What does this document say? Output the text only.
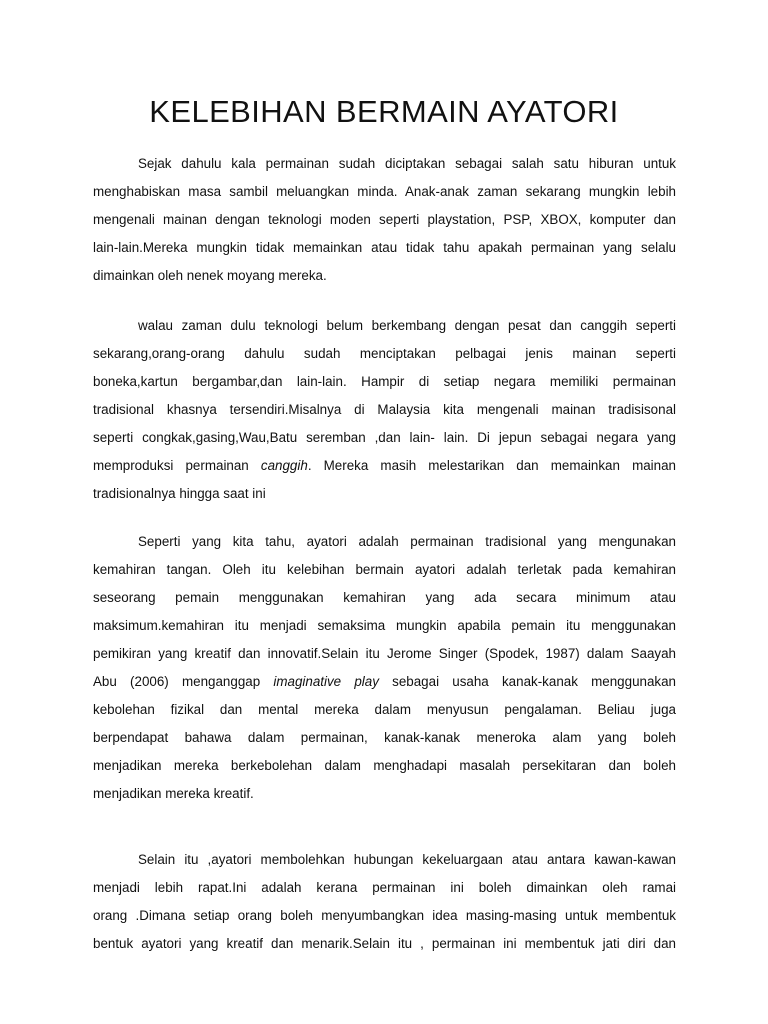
KELEBIHAN BERMAIN AYATORI
Sejak dahulu kala permainan sudah diciptakan sebagai salah satu hiburan untuk
menghabiskan masa sambil meluangkan minda. Anak-anak zaman sekarang mungkin lebih
mengenali mainan dengan teknologi moden seperti playstation, PSP, XBOX, komputer dan
lain-lain.Mereka mungkin tidak memainkan atau tidak tahu apakah permainan yang selalu
dimainkan oleh nenek moyang mereka.
walau zaman dulu teknologi belum berkembang dengan pesat dan canggih seperti
sekarang,orang-orang dahulu sudah menciptakan pelbagai jenis mainan seperti
boneka,kartun bergambar,dan lain-lain. Hampir di setiap negara memiliki permainan
tradisional khasnya tersendiri.Misalnya di Malaysia kita mengenali mainan tradisisonal
seperti congkak,gasing,Wau,Batu seremban ,dan lain- lain. Di jepun sebagai negara yang
memproduksi permainan canggih. Mereka masih melestarikan dan memainkan mainan
tradisionalnya hingga saat ini
Seperti yang kita tahu, ayatori adalah permainan tradisional yang mengunakan
kemahiran tangan. Oleh itu kelebihan bermain ayatori adalah terletak pada kemahiran
seseorang pemain menggunakan kemahiran yang ada secara minimum atau
maksimum.kemahiran itu menjadi semaksima mungkin apabila pemain itu menggunakan
pemikiran yang kreatif dan innovatif.Selain itu Jerome Singer (Spodek, 1987) dalam Saayah
Abu (2006) menganggap imaginative play sebagai usaha kanak-kanak menggunakan
kebolehan fizikal dan mental mereka dalam menyusun pengalaman. Beliau juga
berpendapat bahawa dalam permainan, kanak-kanak meneroka alam yang boleh
menjadikan mereka berkebolehan dalam menghadapi masalah persekitaran dan boleh
menjadikan mereka kreatif.
Selain itu ,ayatori membolehkan hubungan kekeluargaan atau antara kawan-kawan
menjadi lebih rapat.Ini adalah kerana permainan ini boleh dimainkan oleh ramai
orang .Dimana setiap orang boleh menyumbangkan idea masing-masing untuk membentuk
bentuk ayatori yang kreatif dan menarik.Selain itu , permainan ini membentuk jati diri dan
